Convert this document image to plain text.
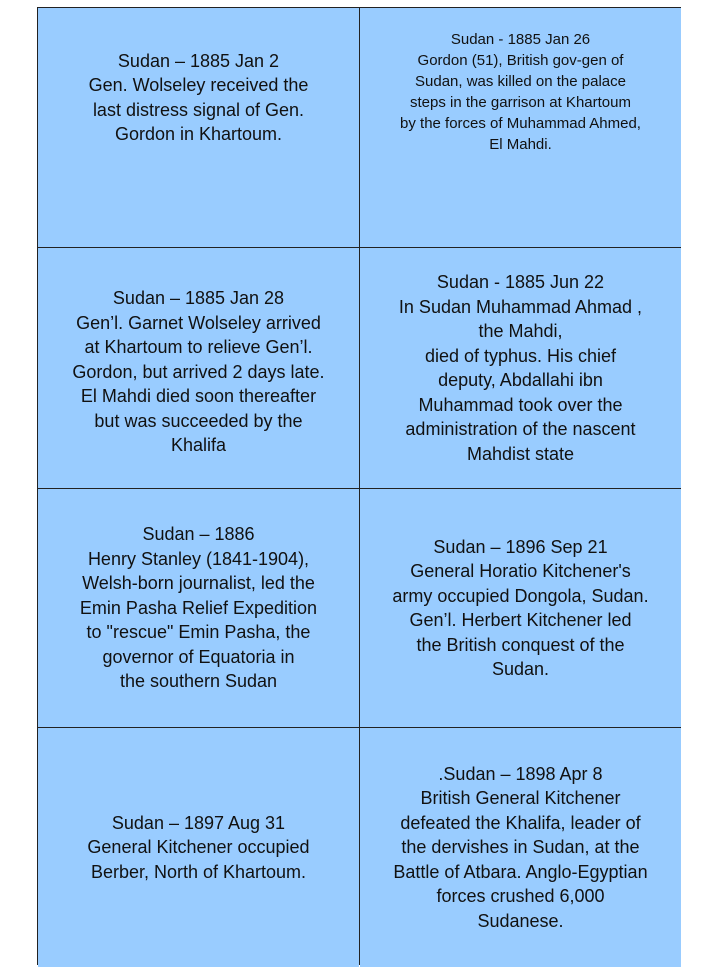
Sudan – 1885 Jan 2
Gen. Wolseley received the
last distress signal of Gen.
Gordon in Khartoum.
Sudan - 1885 Jan 26
Gordon (51), British gov-gen of
Sudan, was killed on the palace
steps in the garrison at Khartoum
by the forces of Muhammad Ahmed,
El Mahdi.
Sudan – 1885 Jan 28
Gen’l. Garnet Wolseley arrived
at Khartoum to relieve Gen’l.
Gordon, but arrived 2 days late.
El Mahdi died soon thereafter
but was succeeded by the
Khalifa
Sudan - 1885 Jun 22
In Sudan Muhammad Ahmad ,
the Mahdi,
died of typhus. His chief
deputy, Abdallahi ibn
Muhammad took over the
administration of the nascent
Mahdist state
Sudan – 1886
Henry Stanley (1841-1904),
Welsh-born journalist, led the
Emin Pasha Relief Expedition
to "rescue" Emin Pasha, the
governor of Equatoria in
the southern Sudan
Sudan – 1896 Sep 21
General Horatio Kitchener's
army occupied Dongola, Sudan.
Gen’l. Herbert Kitchener led
the British conquest of the
Sudan.
Sudan – 1897 Aug 31
General Kitchener occupied
Berber, North of Khartoum.
.Sudan – 1898 Apr 8
British General Kitchener
defeated the Khalifa, leader of
the dervishes in Sudan, at the
Battle of Atbara. Anglo-Egyptian
forces crushed 6,000
Sudanese.
